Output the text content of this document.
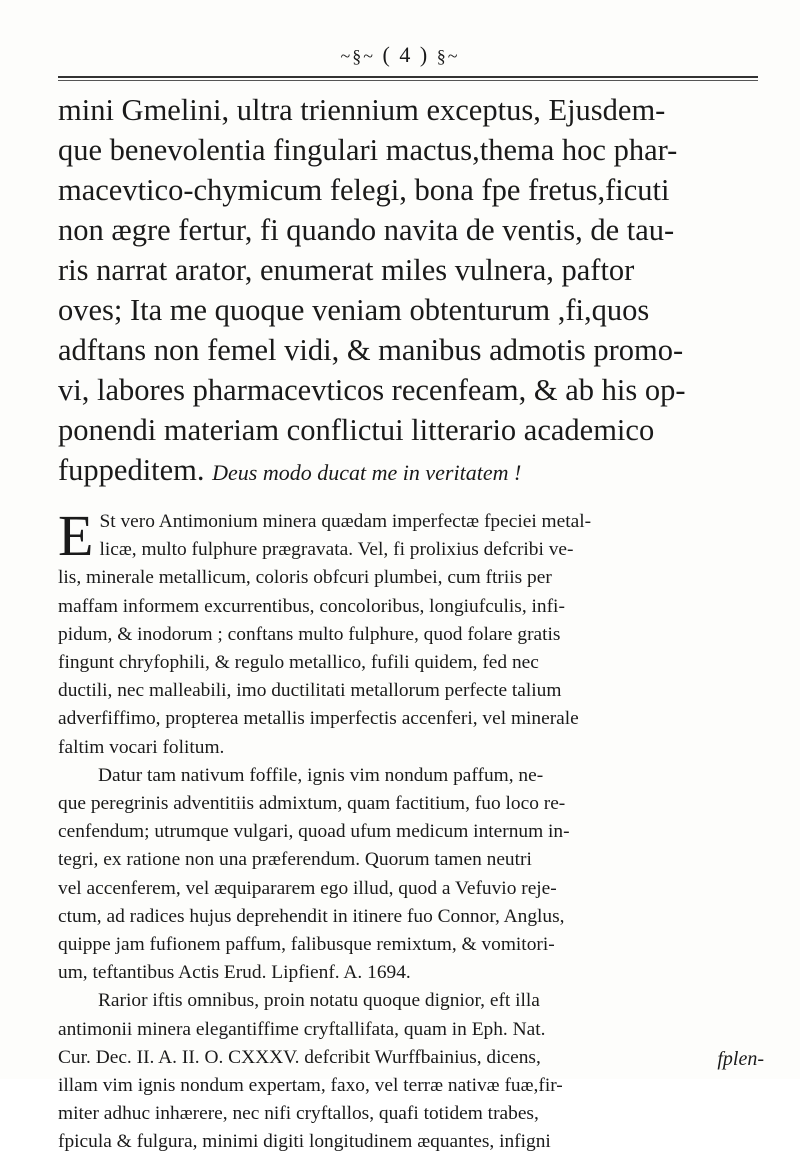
~§~ ( 4 ) §~
mini Gmelini, ultra triennium exceptus, Ejusdem-
que benevolentia fingulari mactus,thema hoc phar-
macevtico-chymicum felegi, bona fpe fretus,ficuti
non ægre fertur, fi quando navita de ventis, de tau-
ris narrat arator, enumerat miles vulnera, paftor
oves; Ita me quoque veniam obtenturum ,fi,quos
adftans non femel vidi, & manibus admotis promo-
vi, labores pharmacevticos recenfeam, & ab his op-
ponendi materiam conflictui litterario academico
fuppeditem. Deus modo ducat me in veritatem !
E St vero Antimonium minera quædam imperfectæ fpeciei metal-
licæ, multo fulphure prægravata. Vel, fi prolixius defcribi ve-
lis, minerale metallicum, coloris obfcuri plumbei, cum ftriis per
maffam informem excurrentibus, concoloribus, longiufculis, infi-
pidum, & inodorum ; conftans multo fulphure, quod folare gratis
fingunt chryfophili, & regulo metallico, fufili quidem, fed nec
ductili, nec malleabili, imo ductilitati metallorum perfecte talium
adverfiffimo, propterea metallis imperfectis accenferi, vel minerale
faltim vocari folitum.
Datur tam nativum foffile, ignis vim nondum paffum, ne-
que peregrinis adventitiis admixtum, quam factitium, fuo loco re-
cenfendum; utrumque vulgari, quoad ufum medicum internum in-
tegri, ex ratione non una præferendum. Quorum tamen neutri
vel accenferem, vel æquipararem ego illud, quod a Vefuvio reje-
ctum, ad radices hujus deprehendit in itinere fuo Connor, Anglus,
quippe jam fufionem paffum, falibusque remixtum, & vomitori-
um, teftantibus Actis Erud. Lipfienf. A. 1694.
Rarior iftis omnibus, proin notatu quoque dignior, eft illa
antimonii minera elegantiffime cryftallifata, quam in Eph. Nat.
Cur. Dec. II. A. II. O. CXXXV. defcribit Wurffbainius, dicens,
illam vim ignis nondum expertam, faxo, vel terræ nativæ fuæ,fir-
miter adhuc inhærere, nec nifi cryftallos, quafi totidem trabes,
fpicula & fulgura, minimi digiti longitudinem æquantes, infigni
fplen-
